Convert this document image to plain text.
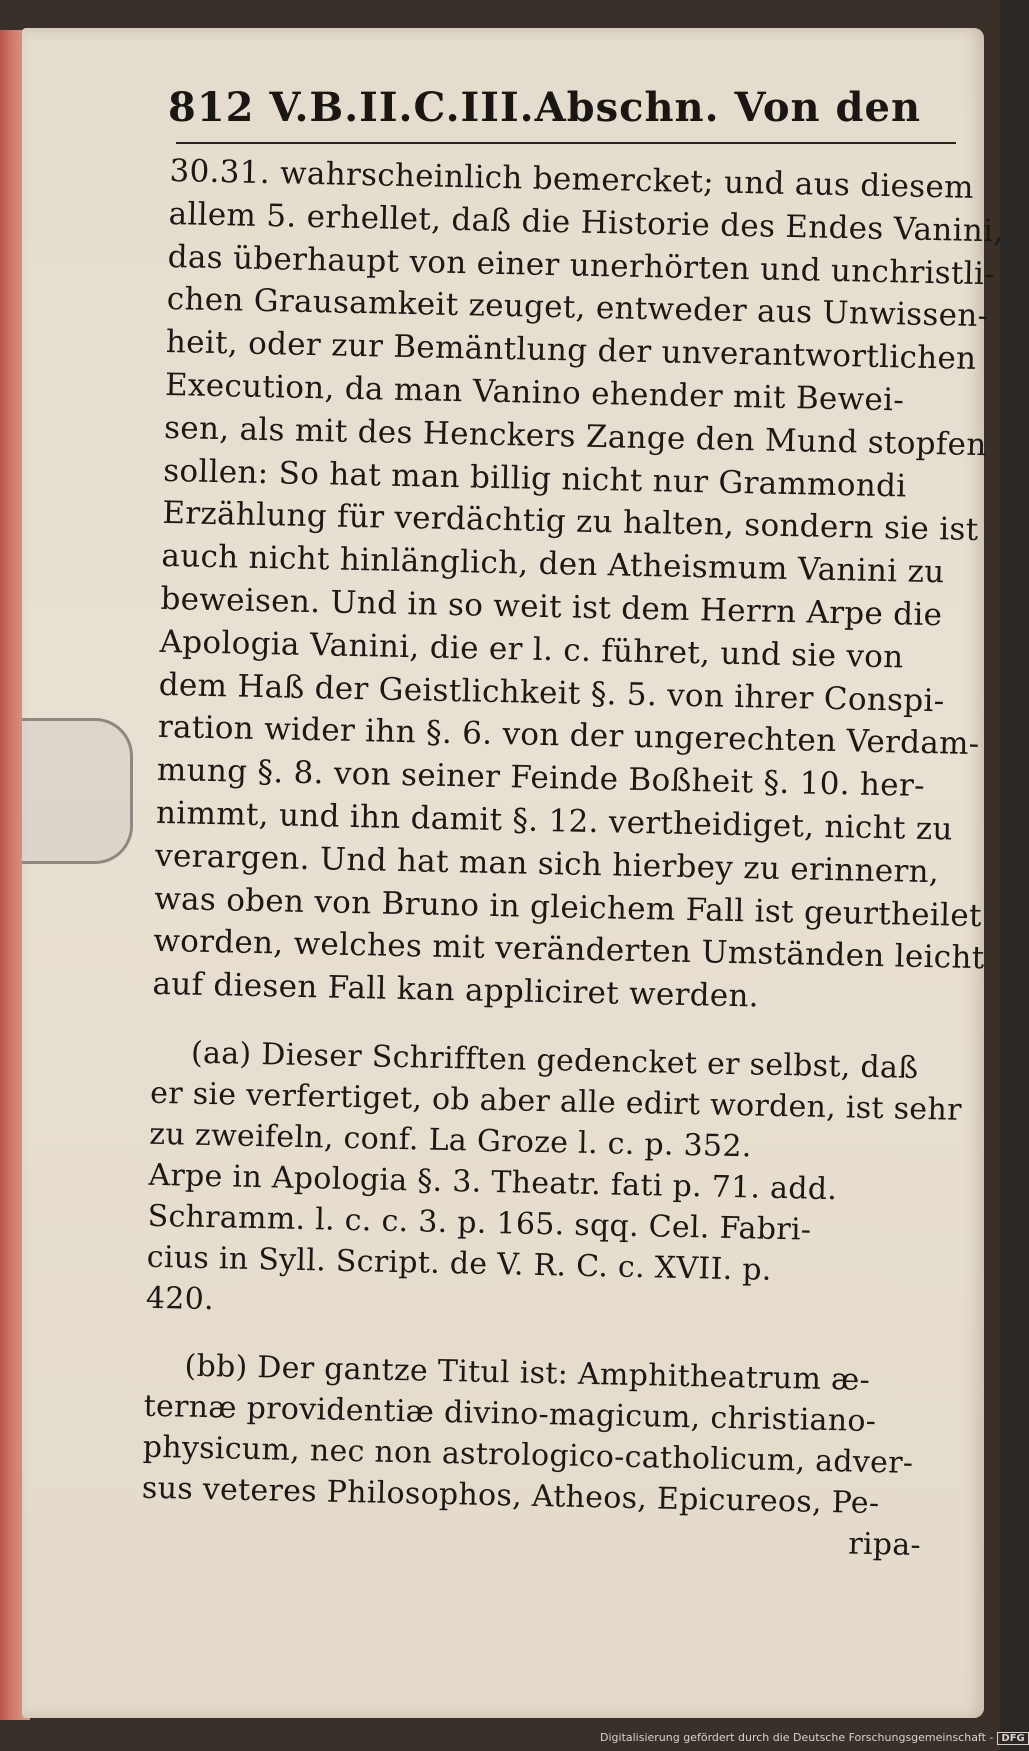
812 V.B.II.C.III.Abschn. Von den
30.31. wahrscheinlich bemercket; und aus diesem
allem 5. erhellet, daß die Historie des Endes Vanini,
das überhaupt von einer unerhörten und unchristli-
chen Grausamkeit zeuget, entweder aus Unwissen-
heit, oder zur Bemäntlung der unverantwortlichen
Execution, da man Vanino ehender mit Bewei-
sen, als mit des Henckers Zange den Mund stopfen
sollen: So hat man billig nicht nur Grammondi
Erzählung für verdächtig zu halten, sondern sie ist
auch nicht hinlänglich, den Atheismum Vanini zu
beweisen. Und in so weit ist dem Herrn Arpe die
Apologia Vanini, die er l. c. führet, und sie von
dem Haß der Geistlichkeit §. 5. von ihrer Conspi-
ration wider ihn §. 6. von der ungerechten Verdam-
mung §. 8. von seiner Feinde Boßheit §. 10. her-
nimmt, und ihn damit §. 12. vertheidiget, nicht zu
verargen. Und hat man sich hierbey zu erinnern,
was oben von Bruno in gleichem Fall ist geurtheilet
worden, welches mit veränderten Umständen leicht
auf diesen Fall kan appliciret werden.
(aa) Dieser Schrifften gedencket er selbst, daß
er sie verfertiget, ob aber alle edirt worden, ist sehr
zu zweifeln, conf. La Groze l. c. p. 352.
Arpe in Apologia §. 3. Theatr. fati p. 71. add.
Schramm. l. c. c. 3. p. 165. sqq. Cel. Fabri-
cius in Syll. Script. de V. R. C. c. XVII. p.
420.
(bb) Der gantze Titul ist: Amphitheatrum æ-
ternæ providentiæ divino-magicum, christiano-
physicum, nec non astrologico-catholicum, adver-
sus veteres Philosophos, Atheos, Epicureos, Pe-
ripa-
Digitalisierung gefördert durch die Deutsche Forschungsgemeinschaft - DFG
